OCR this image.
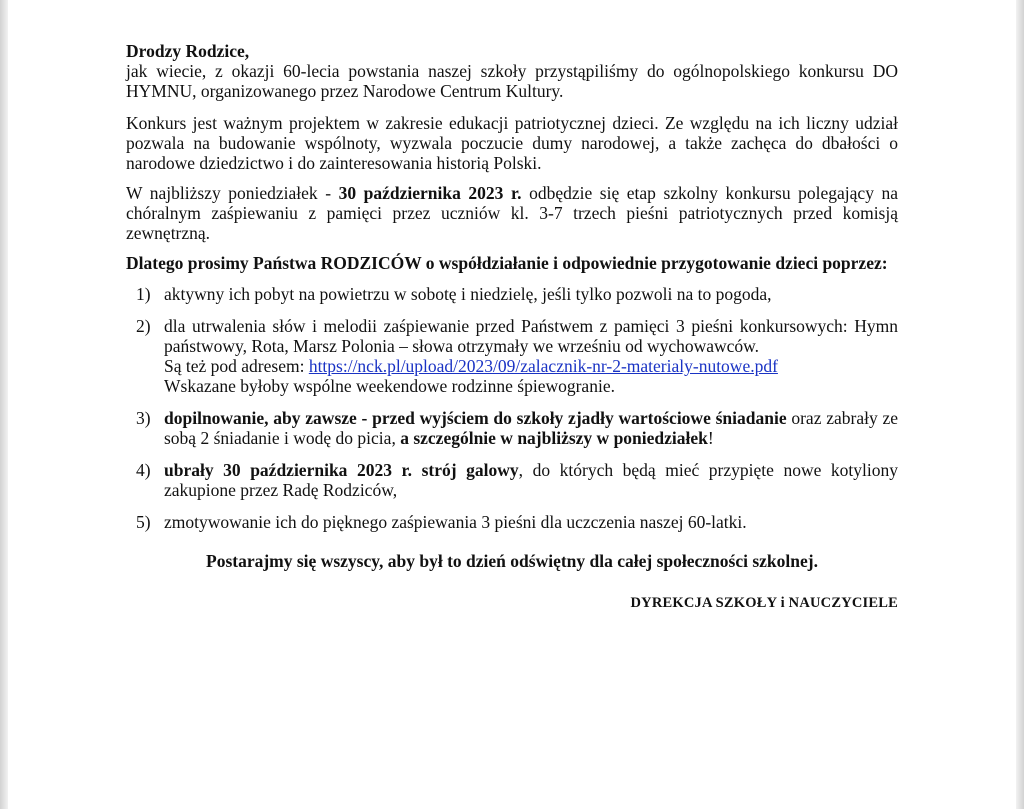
Drodzy Rodzice,

jak wiecie, z okazji 60-lecia powstania naszej szkoły przystąpiliśmy do ogólnopolskiego konkursu DO HYMNU, organizowanego przez Narodowe Centrum Kultury.

Konkurs jest ważnym projektem w zakresie edukacji patriotycznej dzieci. Ze względu na ich liczny udział pozwala na budowanie wspólnoty, wyzwala poczucie dumy narodowej, a także zachęca do dbałości o narodowe dziedzictwo i do zainteresowania historią Polski.

W najbliższy poniedziałek - 30 października 2023 r. odbędzie się etap szkolny konkursu polegający na chóralnym zaśpiewaniu z pamięci przez uczniów kl. 3-7 trzech pieśni patriotycznych przed komisją zewnętrzną.

Dlatego prosimy Państwa RODZICÓW o współdziałanie i odpowiednie przygotowanie dzieci poprzez:

1) aktywny ich pobyt na powietrzu w sobotę i niedzielę, jeśli tylko pozwoli na to pogoda,
2) dla utrwalenia słów i melodii zaśpiewanie przed Państwem z pamięci 3 pieśni konkursowych: Hymn państwowy, Rota, Marsz Polonia – słowa otrzymały we wrześniu od wychowawców.
Są też pod adresem: https://nck.pl/upload/2023/09/zalacznik-nr-2-materialy-nutowe.pdf
Wskazane byłoby wspólne weekendowe rodzinne śpiewogranie.
3) dopilnowanie, aby zawsze - przed wyjściem do szkoły zjadły wartościowe śniadanie oraz zabrały ze sobą 2 śniadanie i wodę do picia, a szczególnie w najbliższy w poniedziałek!
4) ubrały 30 października 2023 r. strój galowy, do których będą mieć przypięte nowe kotyliony zakupione przez Radę Rodziców,
5) zmotywowanie ich do pięknego zaśpiewania 3 pieśni dla uczczenia naszej 60-latki.

Postarajmy się wszyscy, aby był to dzień odświętny dla całej społeczności szkolnej.

DYREKCJA SZKOŁY i NAUCZYCIELE
